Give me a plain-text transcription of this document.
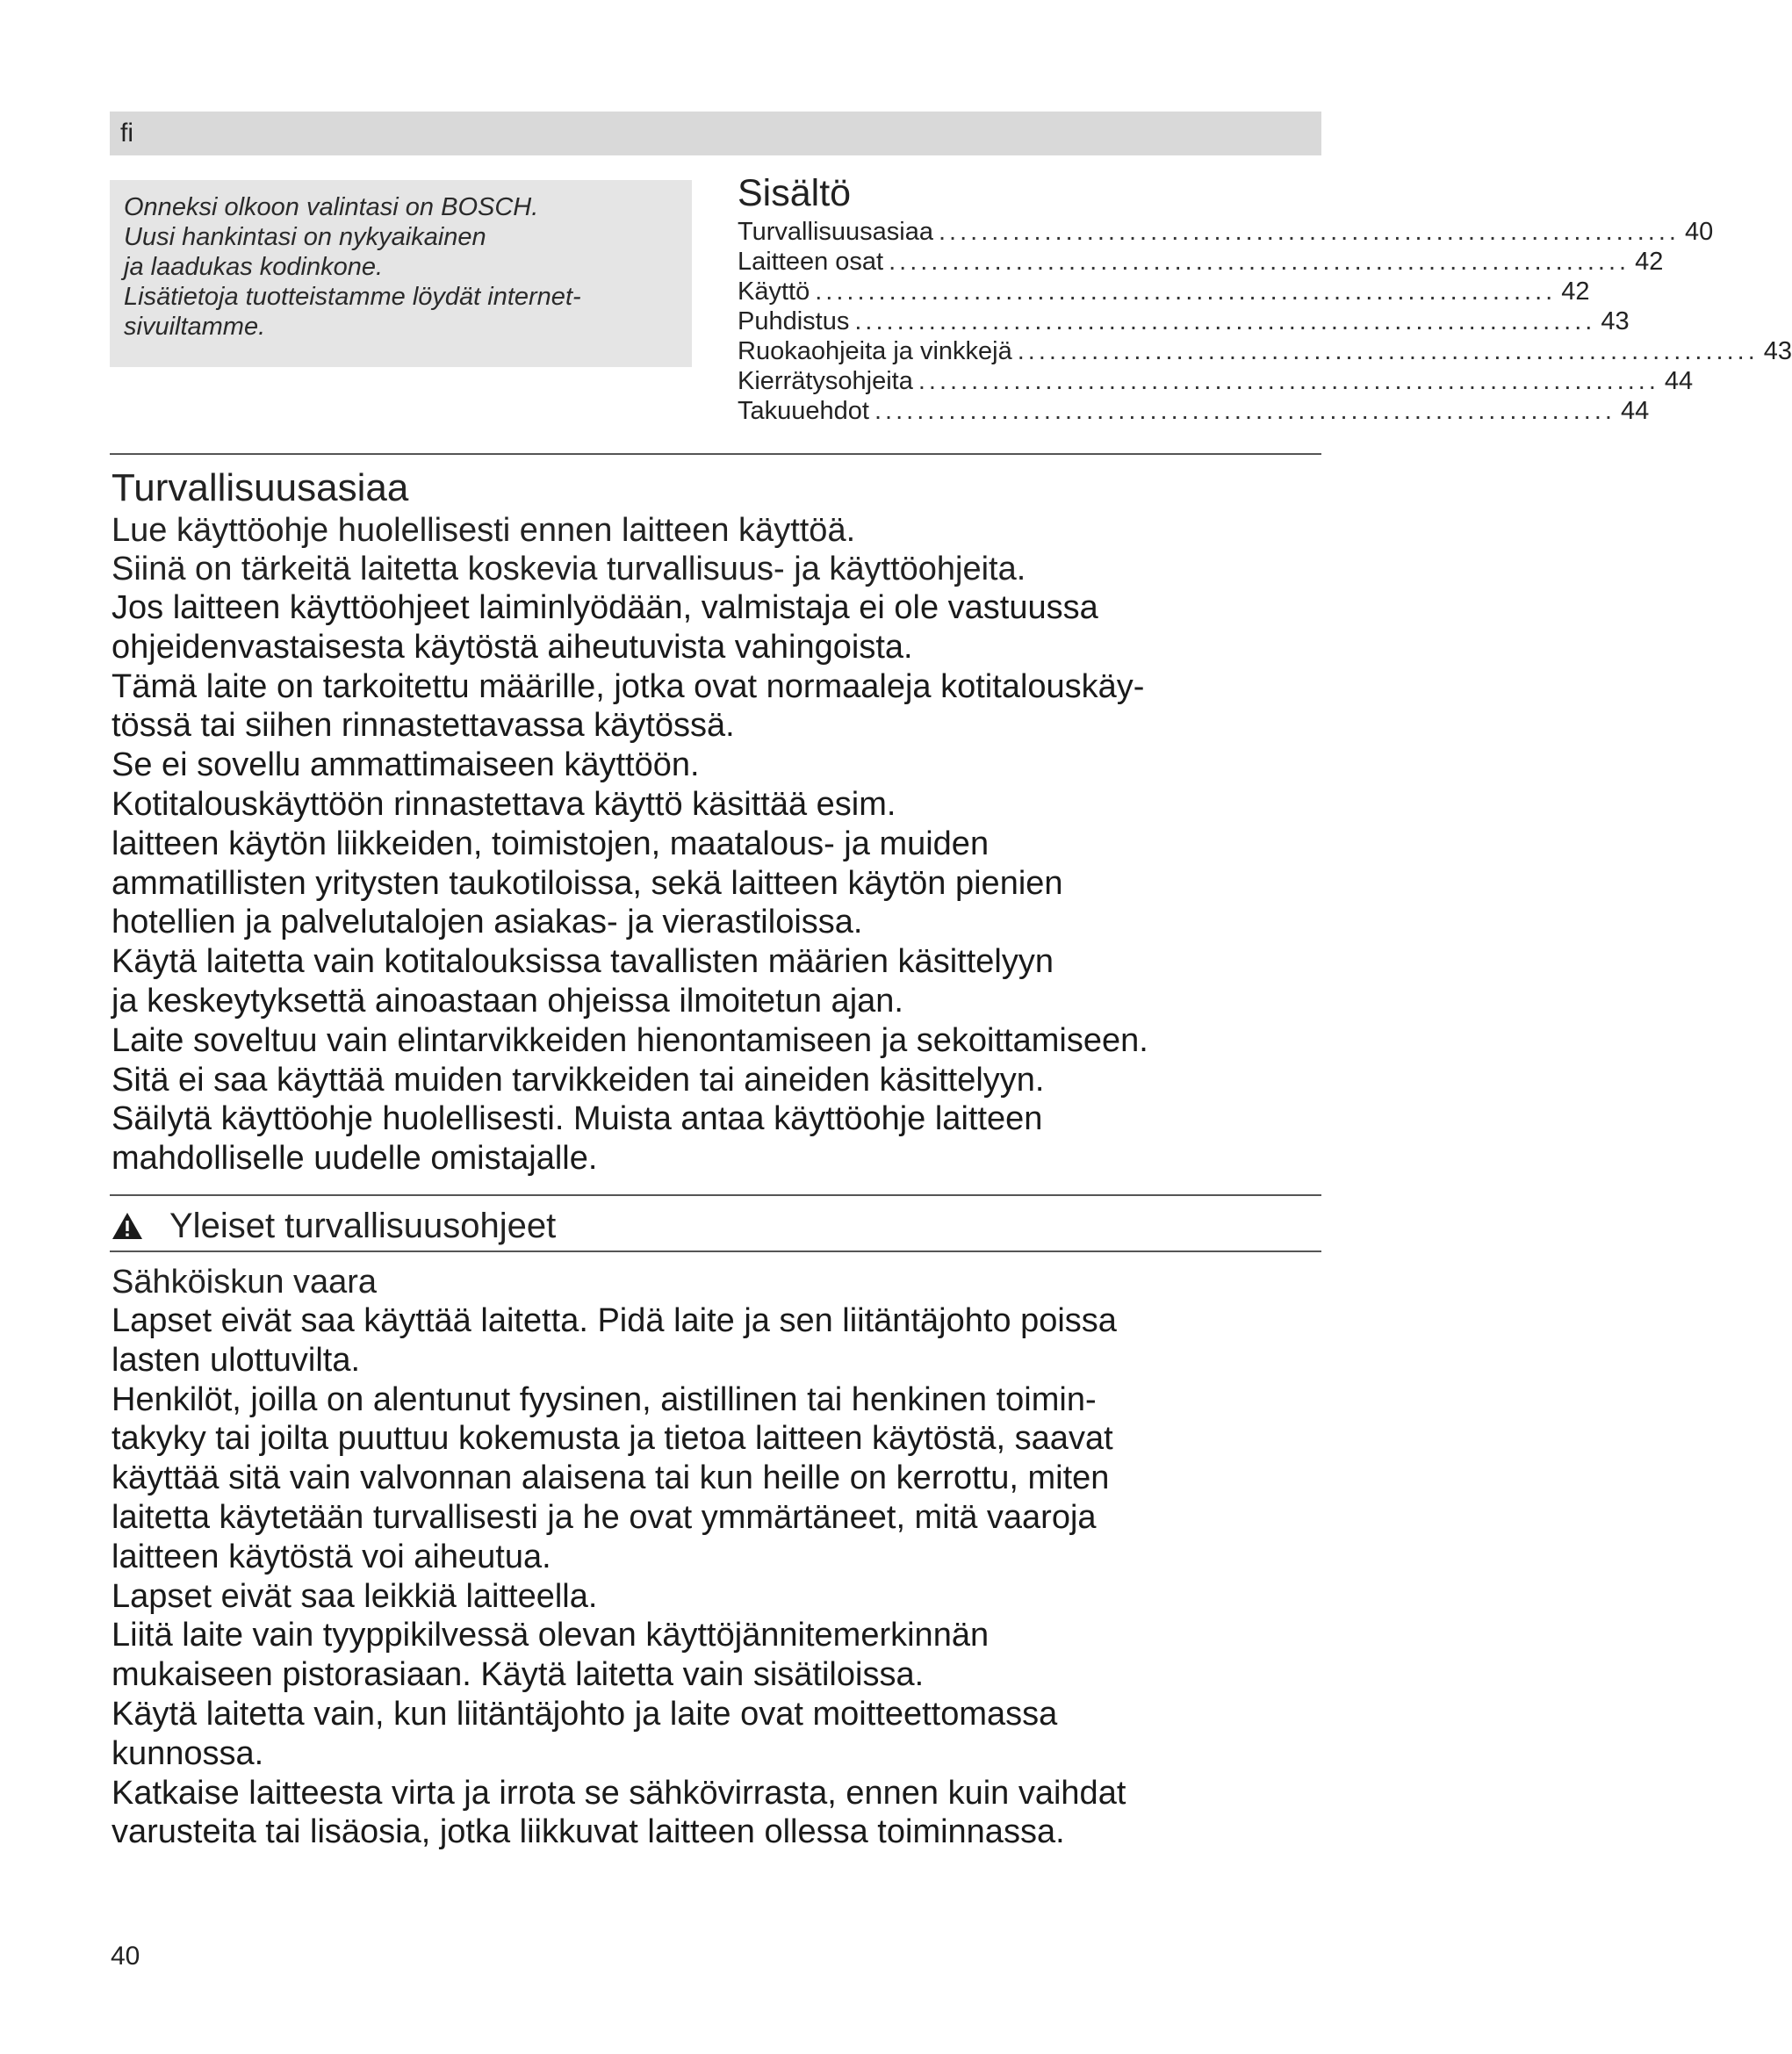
fi
Onneksi olkoon valintasi on BOSCH.
Uusi hankintasi on nykyaikainen
ja laadukas kodinkone.
Lisätietoja tuotteistamme löydät internet-
sivuiltamme.
Sisältö
Turvallisuusasiaa ...................................................................... 40
Laitteen osat ...................................................................... 42
Käyttö ...................................................................... 42
Puhdistus ...................................................................... 43
Ruokaohjeita ja vinkkejä ...................................................................... 43
Kierrätysohjeita ...................................................................... 44
Takuuehdot ...................................................................... 44
Turvallisuusasiaa
Lue käyttöohje huolellisesti ennen laitteen käyttöä.
Siinä on tärkeitä laitetta koskevia turvallisuus- ja käyttöohjeita.
Jos laitteen käyttöohjeet laiminlyödään, valmistaja ei ole vastuussa
ohjeidenvastaisesta käytöstä aiheutuvista vahingoista.
Tämä laite on tarkoitettu määrille, jotka ovat normaaleja kotitalouskäy-
tössä tai siihen rinnastettavassa käytössä.
Se ei sovellu ammattimaiseen käyttöön.
Kotitalouskäyttöön rinnastettava käyttö käsittää esim.
laitteen käytön liikkeiden, toimistojen, maatalous- ja muiden
ammatillisten yritysten taukotiloissa, sekä laitteen käytön pienien
hotellien ja palvelutalojen asiakas- ja vierastiloissa.
Käytä laitetta vain kotitalouksissa tavallisten määrien käsittelyyn
ja keskeytyksettä ainoastaan ohjeissa ilmoitetun ajan.
Laite soveltuu vain elintarvikkeiden hienontamiseen ja sekoittamiseen.
Sitä ei saa käyttää muiden tarvikkeiden tai aineiden käsittelyyn.
Säilytä käyttöohje huolellisesti. Muista antaa käyttöohje laitteen
mahdolliselle uudelle omistajalle.
Yleiset turvallisuusohjeet
Sähköiskun vaara
Lapset eivät saa käyttää laitetta. Pidä laite ja sen liitäntäjohto poissa
lasten ulottuvilta.
Henkilöt, joilla on alentunut fyysinen, aistillinen tai henkinen toimin-
takyky tai joilta puuttuu kokemusta ja tietoa laitteen käytöstä, saavat
käyttää sitä vain valvonnan alaisena tai kun heille on kerrottu, miten
laitetta käytetään turvallisesti ja he ovat ymmärtäneet, mitä vaaroja
laitteen käytöstä voi aiheutua.
Lapset eivät saa leikkiä laitteella.
Liitä laite vain tyyppikilvessä olevan käyttöjännitemerkinnän
mukaiseen pistorasiaan. Käytä laitetta vain sisätiloissa.
Käytä laitetta vain, kun liitäntäjohto ja laite ovat moitteettomassa
kunnossa.
Katkaise laitteesta virta ja irrota se sähkövirrasta, ennen kuin vaihdat
varusteita tai lisäosia, jotka liikkuvat laitteen ollessa toiminnassa.
40
